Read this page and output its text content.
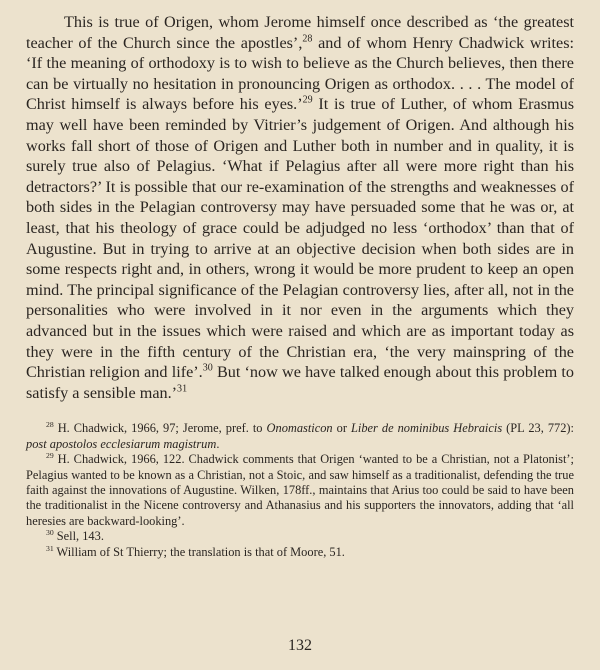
This is true of Origen, whom Jerome himself once described as ‘the greatest teacher of the Church since the apostles’,$^{28}$ and of whom Henry Chadwick writes: ‘If the meaning of orthodoxy is to wish to believe as the Church believes, then there can be virtually no hesitation in pronouncing Origen as orthodox. . . . The model of Christ himself is always before his eyes.’$^{29}$ It is true of Luther, of whom Erasmus may well have been reminded by Vitrier’s judgement of Origen. And although his works fall short of those of Origen and Luther both in number and in quality, it is surely true also of Pelagius. ‘What if Pelagius after all were more right than his detractors?’ It is possible that our re-examination of the strengths and weaknesses of both sides in the Pelagian controversy may have persuaded some that he was or, at least, that his theology of grace could be adjudged no less ‘orthodox’ than that of Augustine. But in trying to arrive at an objective decision when both sides are in some respects right and, in others, wrong it would be more prudent to keep an open mind. The principal significance of the Pelagian controversy lies, after all, not in the personalities who were involved in it nor even in the arguments which they advanced but in the issues which were raised and which are as important today as they were in the fifth century of the Christian era, ‘the very mainspring of the Christian religion and life’.$^{30}$ But ‘now we have talked enough about this problem to satisfy a sensible man.’$^{31}$

$^{28}$ H. Chadwick, 1966, 97; Jerome, pref. to Onomasticon or Liber de nominibus Hebraicis (PL 23, 772): post apostolos ecclesiarum magistrum.

$^{29}$ H. Chadwick, 1966, 122. Chadwick comments that Origen ‘wanted to be a Christian, not a Platonist’; Pelagius wanted to be known as a Christian, not a Stoic, and saw himself as a traditionalist, defending the true faith against the innovations of Augustine. Wilken, 178ff., maintains that Arius too could be said to have been the traditionalist in the Nicene controversy and Athanasius and his supporters the innovators, adding that ‘all heresies are backward-looking’.

$^{30}$ Sell, 143.

$^{31}$ William of St Thierry; the translation is that of Moore, 51.

132
